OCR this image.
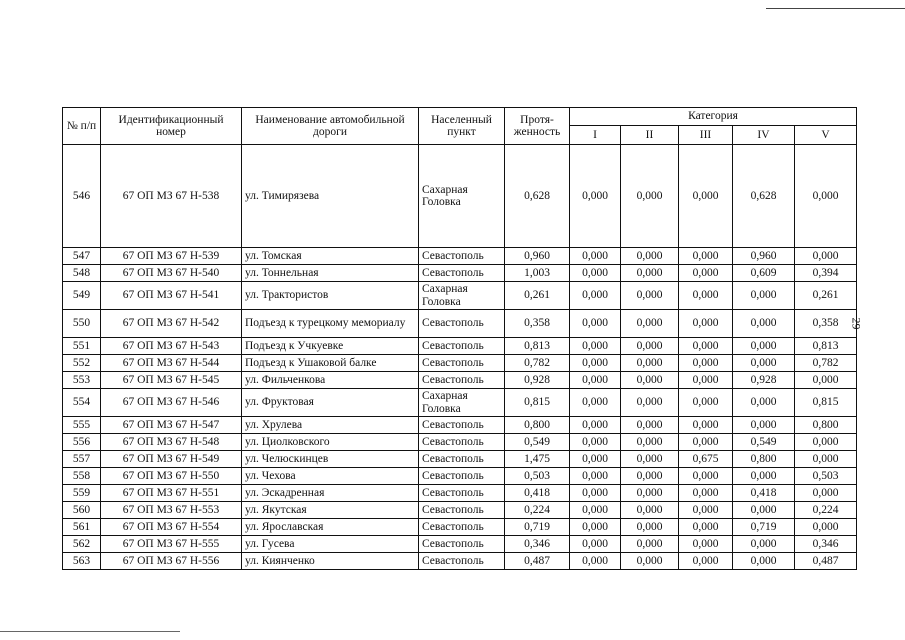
29
№ п/п	Идентификационный номер	Наименование автомобильной дороги	Населенный пункт	Протя-женность	Категория				
					I	II	III	IV	V
546	67 ОП МЗ 67 Н-538	ул. Тимирязева	Сахарная Головка	0,628	0,000	0,000	0,000	0,628	0,000
547	67 ОП МЗ 67 Н-539	ул. Томская	Севастополь	0,960	0,000	0,000	0,000	0,960	0,000
548	67 ОП МЗ 67 Н-540	ул. Тоннельная	Севастополь	1,003	0,000	0,000	0,000	0,609	0,394
549	67 ОП МЗ 67 Н-541	ул. Трактористов	Сахарная Головка	0,261	0,000	0,000	0,000	0,000	0,261
550	67 ОП МЗ 67 Н-542	Подъезд к турецкому мемориалу	Севастополь	0,358	0,000	0,000	0,000	0,000	0,358
551	67 ОП МЗ 67 Н-543	Подъезд к Учкуевке	Севастополь	0,813	0,000	0,000	0,000	0,000	0,813
552	67 ОП МЗ 67 Н-544	Подъезд к Ушаковой балке	Севастополь	0,782	0,000	0,000	0,000	0,000	0,782
553	67 ОП МЗ 67 Н-545	ул. Фильченкова	Севастополь	0,928	0,000	0,000	0,000	0,928	0,000
554	67 ОП МЗ 67 Н-546	ул. Фруктовая	Сахарная Головка	0,815	0,000	0,000	0,000	0,000	0,815
555	67 ОП МЗ 67 Н-547	ул. Хрулева	Севастополь	0,800	0,000	0,000	0,000	0,000	0,800
556	67 ОП МЗ 67 Н-548	ул. Циолковского	Севастополь	0,549	0,000	0,000	0,000	0,549	0,000
557	67 ОП МЗ 67 Н-549	ул. Челюскинцев	Севастополь	1,475	0,000	0,000	0,675	0,800	0,000
558	67 ОП МЗ 67 Н-550	ул. Чехова	Севастополь	0,503	0,000	0,000	0,000	0,000	0,503
559	67 ОП МЗ 67 Н-551	ул. Эскадренная	Севастополь	0,418	0,000	0,000	0,000	0,418	0,000
560	67 ОП МЗ 67 Н-553	ул. Якутская	Севастополь	0,224	0,000	0,000	0,000	0,000	0,224
561	67 ОП МЗ 67 Н-554	ул. Ярославская	Севастополь	0,719	0,000	0,000	0,000	0,719	0,000
562	67 ОП МЗ 67 Н-555	ул. Гусева	Севастополь	0,346	0,000	0,000	0,000	0,000	0,346
563	67 ОП МЗ 67 Н-556	ул. Киянченко	Севастополь	0,487	0,000	0,000	0,000	0,000	0,487
